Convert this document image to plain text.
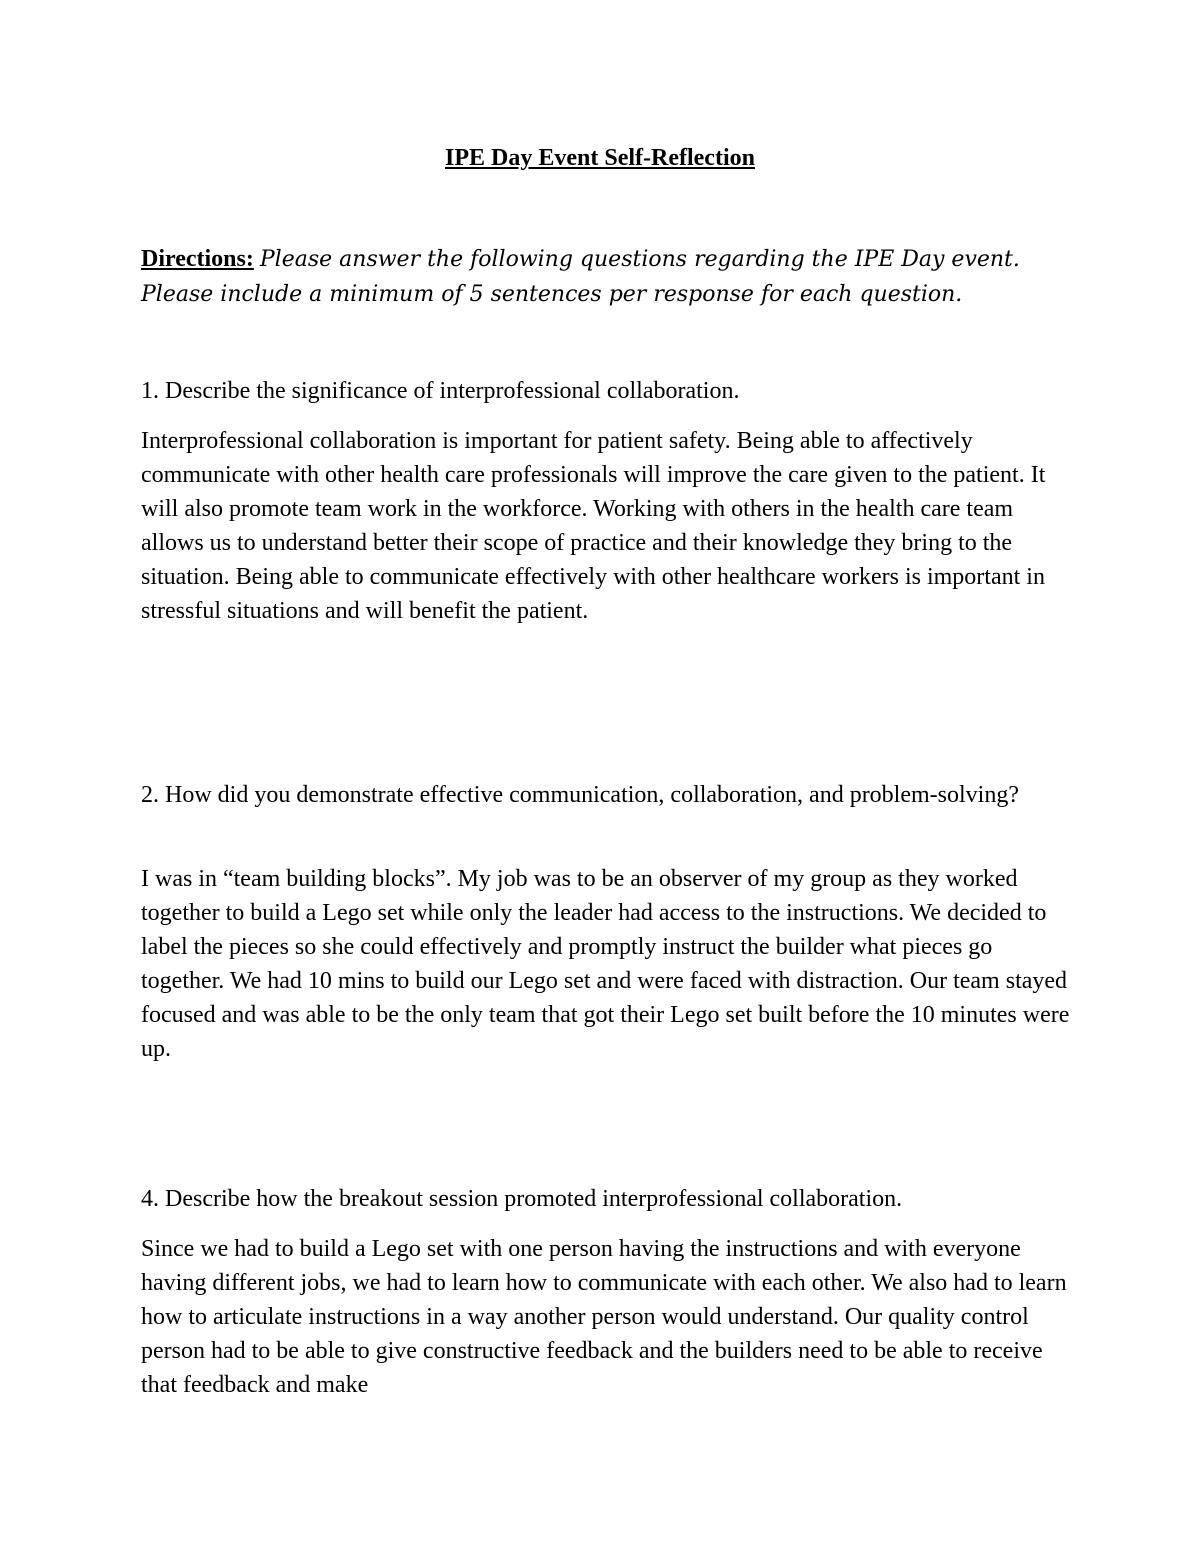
IPE Day Event Self-Reflection
Directions: Please answer the following questions regarding the IPE Day event. Please include a minimum of 5 sentences per response for each question.

1. Describe the significance of interprofessional collaboration.

Interprofessional collaboration is important for patient safety. Being able to affectively communicate with other health care professionals will improve the care given to the patient. It will also promote team work in the workforce. Working with others in the health care team allows us to understand better their scope of practice and their knowledge they bring to the situation. Being able to communicate effectively with other healthcare workers is important in stressful situations and will benefit the patient.

2. How did you demonstrate effective communication, collaboration, and problem-solving?

I was in “team building blocks”. My job was to be an observer of my group as they worked together to build a Lego set while only the leader had access to the instructions. We decided to label the pieces so she could effectively and promptly instruct the builder what pieces go together. We had 10 mins to build our Lego set and were faced with distraction. Our team stayed focused and was able to be the only team that got their Lego set built before the 10 minutes were up.

4. Describe how the breakout session promoted interprofessional collaboration.

Since we had to build a Lego set with one person having the instructions and with everyone having different jobs, we had to learn how to communicate with each other. We also had to learn how to articulate instructions in a way another person would understand. Our quality control person had to be able to give constructive feedback and the builders need to be able to receive that feedback and make
